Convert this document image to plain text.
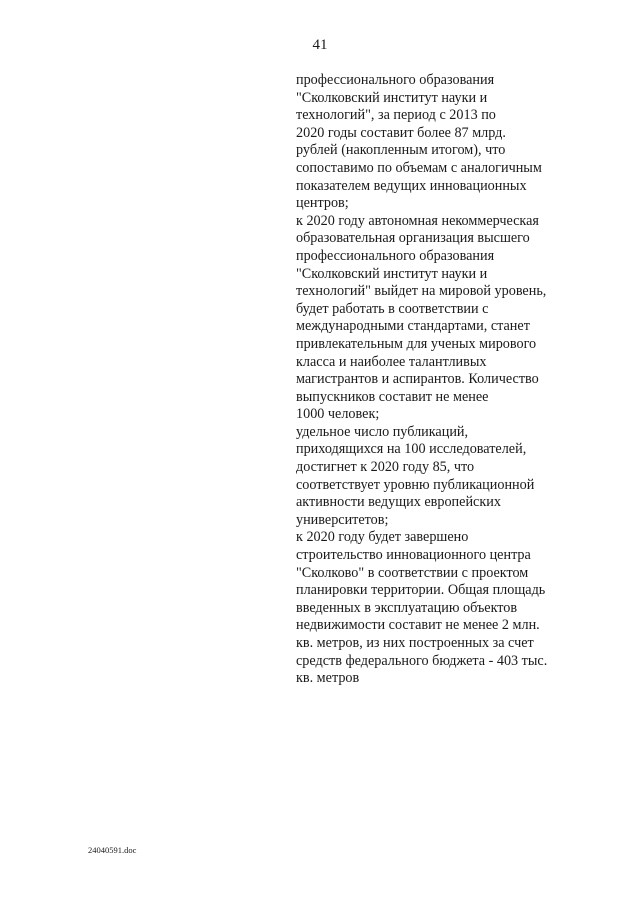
41
профессионального образования
"Сколковский институт науки и
технологий", за период с 2013 по
2020 годы составит более 87 млрд.
рублей (накопленным итогом), что
сопоставимо по объемам с аналогичным
показателем ведущих инновационных
центров;
к 2020 году автономная некоммерческая
образовательная организация высшего
профессионального образования
"Сколковский институт науки и
технологий" выйдет на мировой уровень,
будет работать в соответствии с
международными стандартами, станет
привлекательным для ученых мирового
класса и наиболее талантливых
магистрантов и аспирантов. Количество
выпускников составит не менее
1000 человек;
удельное число публикаций,
приходящихся на 100 исследователей,
достигнет к 2020 году 85, что
соответствует уровню публикационной
активности ведущих европейских
университетов;
к 2020 году будет завершено
строительство инновационного центра
"Сколково" в соответствии с проектом
планировки территории. Общая площадь
введенных в эксплуатацию объектов
недвижимости составит не менее 2 млн.
кв. метров, из них построенных за счет
средств федерального бюджета - 403 тыс.
кв. метров
24040591.doc
